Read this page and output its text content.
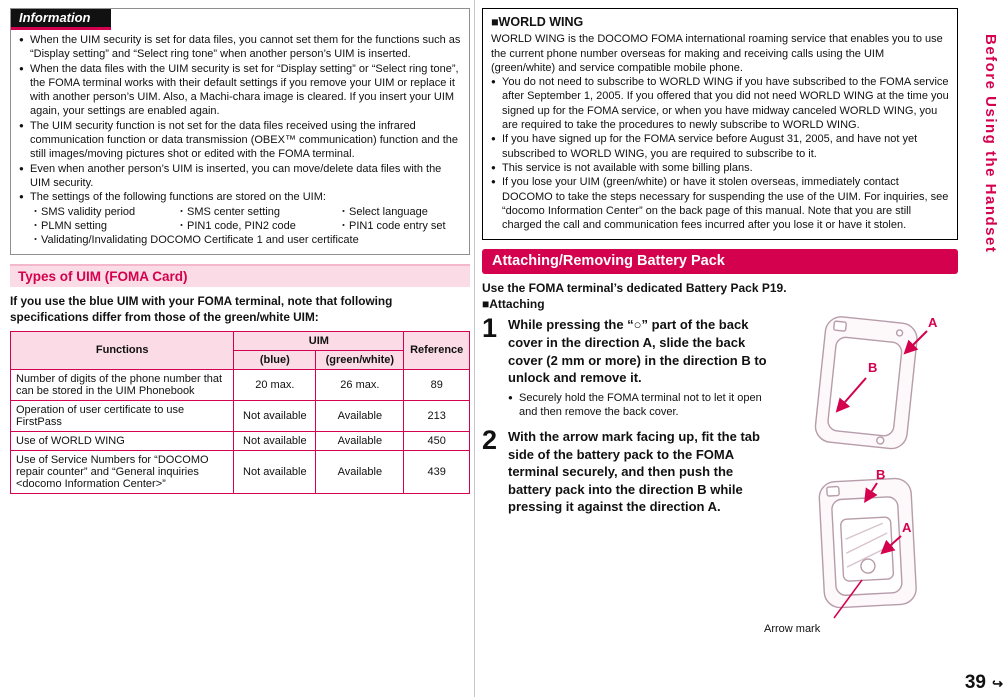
Information
● When the UIM security is set for data files, you cannot set them for the functions such as “Display setting” and “Select ring tone” when another person’s UIM is inserted.
● When the data files with the UIM security is set for “Display setting” or “Select ring tone”, the FOMA terminal works with their default settings if you remove your UIM or replace it with another person’s UIM. Also, a Machi-chara image is cleared. If you insert your UIM again, your settings are enabled again.
● The UIM security function is not set for the data files received using the infrared communication function or data transmission (OBEX™ communication) function and the still images/moving pictures shot or edited with the FOMA terminal.
● Even when another person’s UIM is inserted, you can move/delete data files with the UIM security.
● The settings of the following functions are stored on the UIM:
・SMS validity period	・SMS center setting	・Select language
・PLMN setting	・PIN1 code, PIN2 code	・PIN1 code entry set
・Validating/Invalidating DOCOMO Certificate 1 and user certificate
Types of UIM (FOMA Card)

If you use the blue UIM with your FOMA terminal, note that following specifications differ from those of the green/white UIM:

Functions	UIM		Reference
	(blue)	(green/white)	
Number of digits of the phone number that can be stored in the UIM Phonebook	20 max.	26 max.	89
Operation of user certificate to use FirstPass	Not available	Available	213
Use of WORLD WING	Not available	Available	450
Use of Service Numbers for “DOCOMO repair counter” and “General inquiries <docomo Information Center>”	Not available	Available	439
■WORLD WING

WORLD WING is the DOCOMO FOMA international roaming service that enables you to use the current phone number overseas for making and receiving calls using the UIM (green/white) and service compatible mobile phone.

● You do not need to subscribe to WORLD WING if you have subscribed to the FOMA service after September 1, 2005. If you offered that you did not need WORLD WING at the time you signed up for the FOMA service, or when you have midway canceled WORLD WING, you are required to take the procedures to newly subscribe to WORLD WING.
● If you have signed up for the FOMA service before August 31, 2005, and have not yet subscribed to WORLD WING, you are required to subscribe to it.
● This service is not available with some billing plans.
● If you lose your UIM (green/white) or have it stolen overseas, immediately contact DOCOMO to take the steps necessary for suspending the use of the UIM. For inquiries, see “docomo Information Center” on the back page of this manual. Note that you are still charged the call and communication fees incurred after you lose it or have it stolen.
Attaching/Removing Battery Pack

Use the FOMA terminal’s dedicated Battery Pack P19.

■Attaching
1 While pressing the “○” part of the back cover in the direction A, slide the back cover (2 mm or more) in the direction B to unlock and remove it.

● Securely hold the FOMA terminal not to let it open and then remove the back cover.
2 With the arrow mark facing up, fit the tab side of the battery pack to the FOMA terminal securely, and then push the battery pack into the direction B while pressing it against the direction A.

A
B
B
A
Arrow mark
Before Using the Handset
39 ↪
